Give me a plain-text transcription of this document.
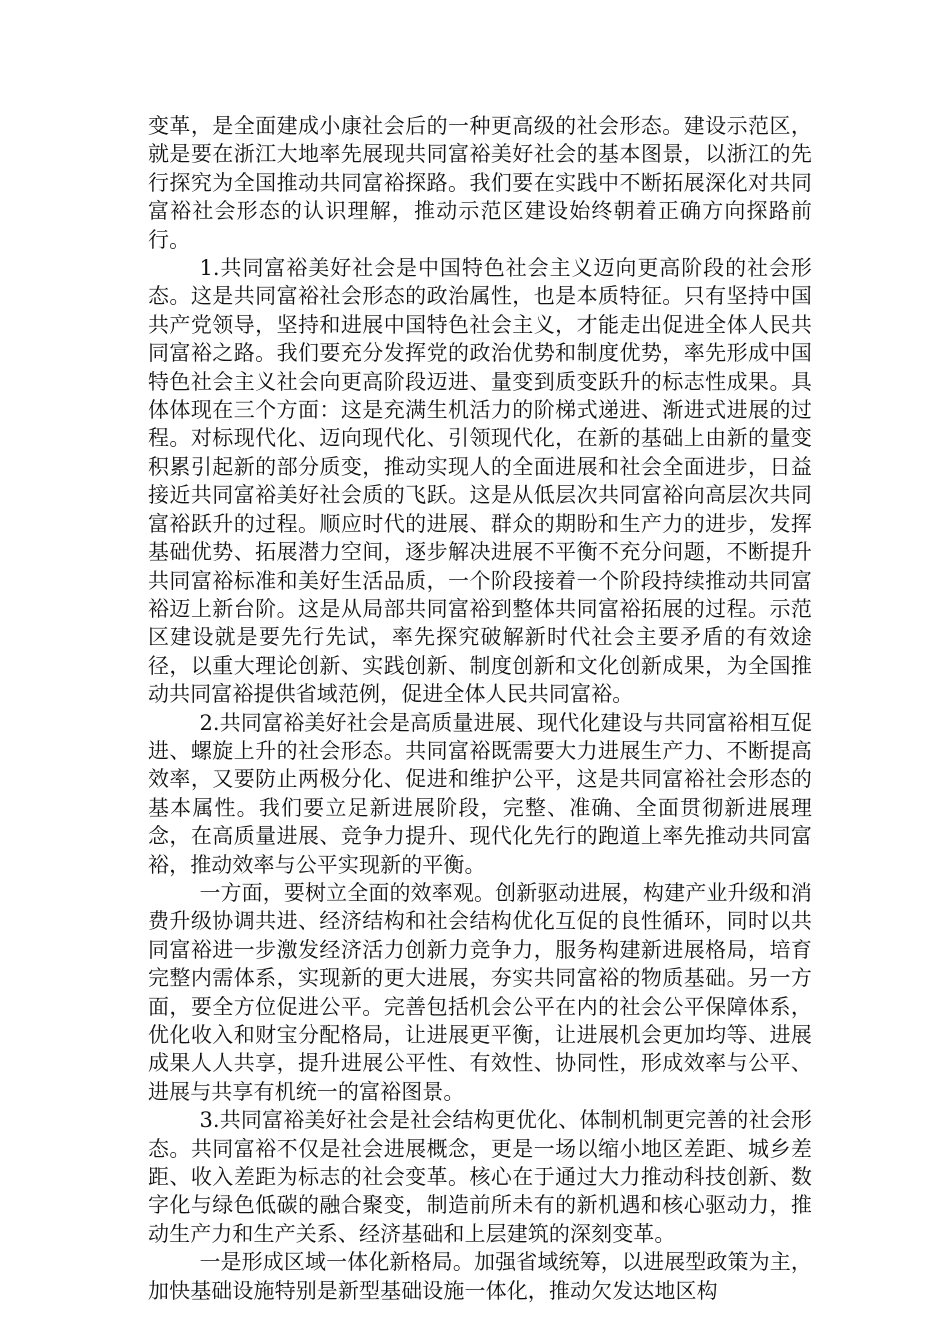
变革，是全面建成小康社会后的一种更高级的社会形态。建设示范区，就是要在浙江大地率先展现共同富裕美好社会的基本图景，以浙江的先行探究为全国推动共同富裕探路。我们要在实践中不断拓展深化对共同富裕社会形态的认识理解，推动示范区建设始终朝着正确方向探路前行。

1.共同富裕美好社会是中国特色社会主义迈向更高阶段的社会形态。这是共同富裕社会形态的政治属性，也是本质特征。只有坚持中国共产党领导，坚持和进展中国特色社会主义，才能走出促进全体人民共同富裕之路。我们要充分发挥党的政治优势和制度优势，率先形成中国特色社会主义社会向更高阶段迈进、量变到质变跃升的标志性成果。具体体现在三个方面：这是充满生机活力的阶梯式递进、渐进式进展的过程。对标现代化、迈向现代化、引领现代化，在新的基础上由新的量变积累引起新的部分质变，推动实现人的全面进展和社会全面进步，日益接近共同富裕美好社会质的飞跃。这是从低层次共同富裕向高层次共同富裕跃升的过程。顺应时代的进展、群众的期盼和生产力的进步，发挥基础优势、拓展潜力空间，逐步解决进展不平衡不充分问题，不断提升共同富裕标准和美好生活品质，一个阶段接着一个阶段持续推动共同富裕迈上新台阶。这是从局部共同富裕到整体共同富裕拓展的过程。示范区建设就是要先行先试，率先探究破解新时代社会主要矛盾的有效途径，以重大理论创新、实践创新、制度创新和文化创新成果，为全国推动共同富裕提供省域范例，促进全体人民共同富裕。

2.共同富裕美好社会是高质量进展、现代化建设与共同富裕相互促进、螺旋上升的社会形态。共同富裕既需要大力进展生产力、不断提高效率，又要防止两极分化、促进和维护公平，这是共同富裕社会形态的基本属性。我们要立足新进展阶段，完整、准确、全面贯彻新进展理念，在高质量进展、竞争力提升、现代化先行的跑道上率先推动共同富裕，推动效率与公平实现新的平衡。

一方面，要树立全面的效率观。创新驱动进展，构建产业升级和消费升级协调共进、经济结构和社会结构优化互促的良性循环，同时以共同富裕进一步激发经济活力创新力竞争力，服务构建新进展格局，培育完整内需体系，实现新的更大进展，夯实共同富裕的物质基础。另一方面，要全方位促进公平。完善包括机会公平在内的社会公平保障体系，优化收入和财宝分配格局，让进展更平衡，让进展机会更加均等、进展成果人人共享，提升进展公平性、有效性、协同性，形成效率与公平、进展与共享有机统一的富裕图景。

3.共同富裕美好社会是社会结构更优化、体制机制更完善的社会形态。共同富裕不仅是社会进展概念，更是一场以缩小地区差距、城乡差距、收入差距为标志的社会变革。核心在于通过大力推动科技创新、数字化与绿色低碳的融合聚变，制造前所未有的新机遇和核心驱动力，推动生产力和生产关系、经济基础和上层建筑的深刻变革。

一是形成区域一体化新格局。加强省域统筹，以进展型政策为主，加快基础设施特别是新型基础设施一体化，推动欠发达地区构
